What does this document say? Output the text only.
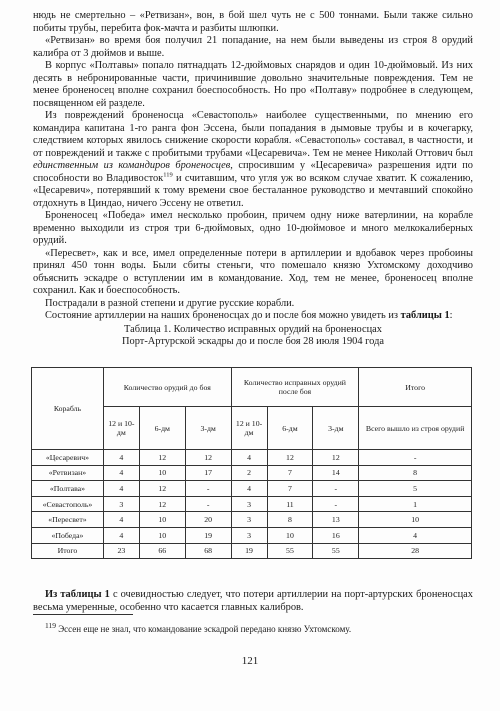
нюдь не смертельно – «Ретвизан», вон, в бой шел чуть не с 500 тоннами. Были также сильно побиты трубы, перебита фок-мачта и разбиты шлюпки.

«Ретвизан» во время боя получил 21 попадание, на нем были выведены из строя 8 орудий калибра от 3 дюймов и выше.

В корпус «Полтавы» попало пятнадцать 12-дюймовых снарядов и один 10-дюймовый. Из них десять в небронированные части, причинившие довольно значительные повреждения. Тем не менее броненосец вполне сохранил боеспособность. Но про «Полтаву» подробнее в следующем, посвященном ей разделе.

Из повреждений броненосца «Севастополь» наиболее существенными, по мнению его командира капитана 1-го ранга фон Эссена, были попадания в дымовые трубы и в кочегарку, следствием которых явилось снижение скорости корабля. «Севастополь» составал, в частности, и от повреждений и также с пробитыми трубами «Цесаревича». Тем не менее Николай Оттович был единственным из командиров броненосцев, спросившим у «Цесаревича» разрешения идти по способности во Владивосток$^{119}$ и считавшим, что угля уж во всяком случае хватит. К сожалению, «Цесаревич», потерявший к тому времени свое бесталанное руководство и мечтавший спокойно отдохнуть в Циндао, ничего Эссену не ответил.

Броненосец «Победа» имел несколько пробоин, причем одну ниже ватерлинии, на корабле временно выходили из строя три 6-дюймовых, одно 10-дюймовое и много мелкокалиберных орудий.

«Пересвет», как и все, имел определенные потери в артиллерии и вдобавок через пробоины принял 450 тонн воды. Были сбиты стеньги, что помешало князю Ухтомскому доходчиво объяснить эскадре о вступлении им в командование. Ход, тем не менее, броненосец вполне сохранил. Как и боеспособность.

Пострадали в разной степени и другие русские корабли.

Состояние артиллерии на наших броненосцах до и после боя можно увидеть из таблицы 1:

Таблица 1. Количество исправных орудий на броненосцах
Порт-Артурской эскадры до и после боя 28 июля 1904 года
Корабль	Количество орудий до боя			Количество исправных орудий после боя			Итого
	12 и 10- дм	6-дм	3-дм	12 и 10- дм	6-дм	3-дм	Всего вышло из строя орудий
«Цесаревич»	4	12	12	4	12	12	-
«Ретвизан»	4	10	17	2	7	14	8
«Полтава»	4	12	-	4	7	-	5
«Севастополь»	3	12	-	3	11	-	1
«Пересвет»	4	10	20	3	8	13	10
«Победа»	4	10	19	3	10	16	4
Итого	23	66	68	19	55	55	28

Из таблицы 1 с очевидностью следует, что потери артиллерии на порт-артурских броненосцах весьма умеренные, особенно что касается главных калибров.

$^{119}$ Эссен еще не знал, что командование эскадрой передано князю Ухтомскому.

121
